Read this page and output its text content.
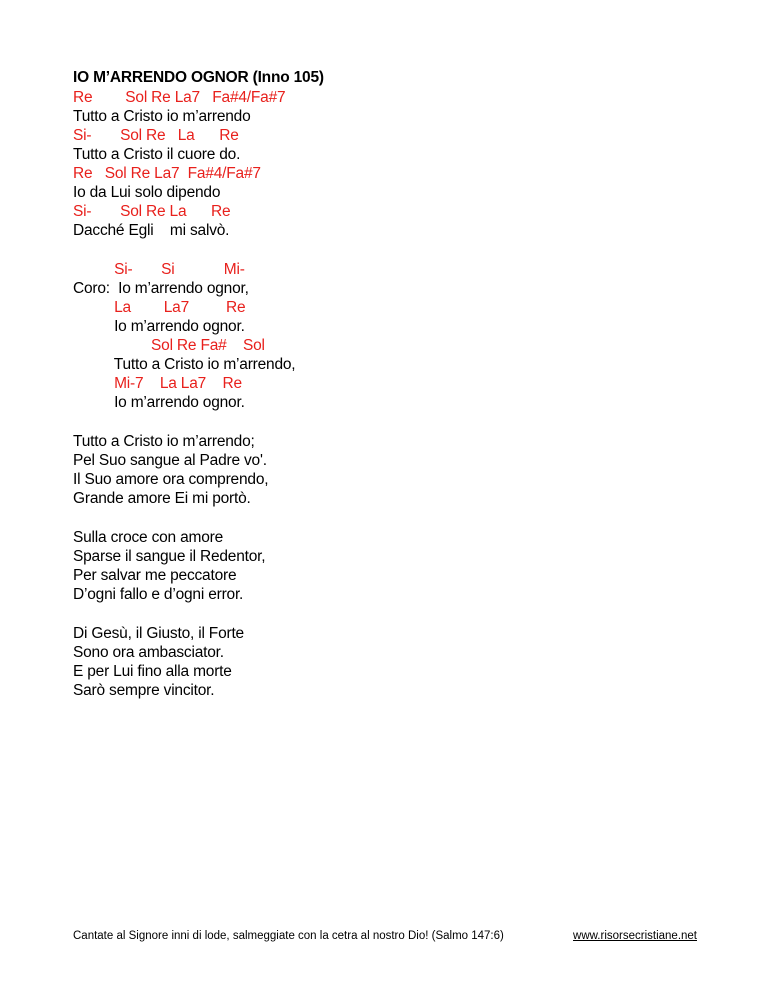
IO M’ARRENDO OGNOR (Inno 105)
Re        Sol Re La7   Fa#4/Fa#7
Tutto a Cristo io m’arrendo
Si-       Sol Re   La      Re
Tutto a Cristo il cuore do.
Re   Sol Re La7  Fa#4/Fa#7
Io da Lui solo dipendo
Si-       Sol Re La      Re
Dacché Egli    mi salvò.
Si-       Si            Mi-
Coro:  Io m’arrendo ognor,
La        La7         Re
Io m’arrendo ognor.
Sol Re Fa#    Sol
Tutto a Cristo io m’arrendo,
Mi-7    La La7    Re
Io m’arrendo ognor.
Tutto a Cristo io m’arrendo;
Pel Suo sangue al Padre vo'.
Il Suo amore ora comprendo,
Grande amore Ei mi portò.
Sulla croce con amore
Sparse il sangue il Redentor,
Per salvar me peccatore
D’ogni fallo e d’ogni error.
Di Gesù, il Giusto, il Forte
Sono ora ambasciator.
E per Lui fino alla morte
Sarò sempre vincitor.
Cantate al Signore inni di lode, salmeggiate con la cetra al nostro Dio! (Salmo 147:6)	www.risorsecristiane.net
